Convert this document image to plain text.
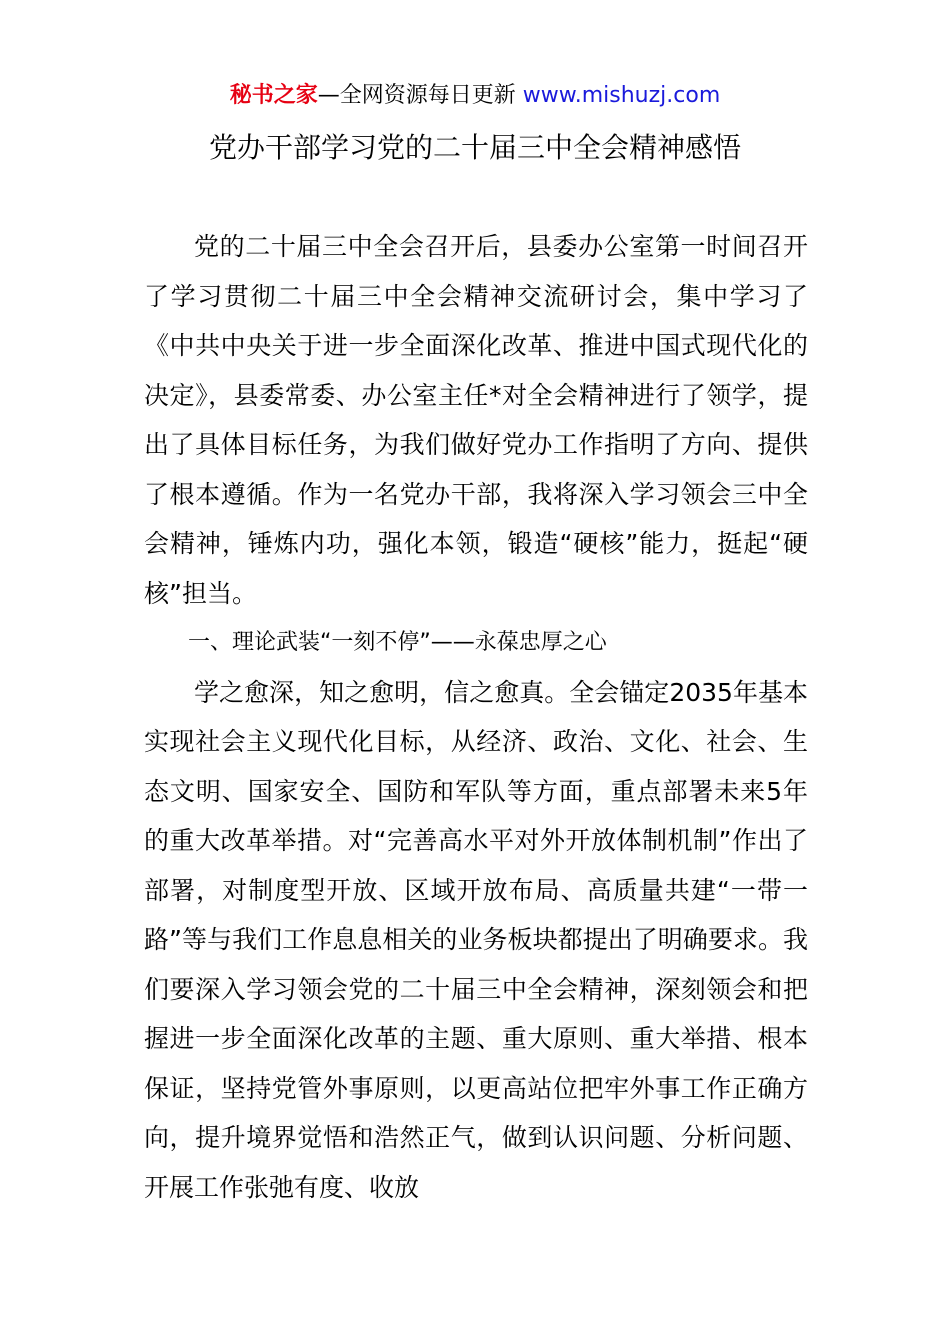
秘书之家—全网资源每日更新 www.mishuzj.com
党办干部学习党的二十届三中全会精神感悟

党的二十届三中全会召开后，县委办公室第一时间召开了学习贯彻二十届三中全会精神交流研讨会，集中学习了《中共中央关于进一步全面深化改革、推进中国式现代化的决定》，县委常委、办公室主任*对全会精神进行了领学，提出了具体目标任务，为我们做好党办工作指明了方向、提供了根本遵循。作为一名党办干部，我将深入学习领会三中全会精神，锤炼内功，强化本领，锻造“硬核”能力，挺起“硬核”担当。

一、理论武装“一刻不停”——永葆忠厚之心

学之愈深，知之愈明，信之愈真。全会锚定2035年基本实现社会主义现代化目标，从经济、政治、文化、社会、生态文明、国家安全、国防和军队等方面，重点部署未来5年的重大改革举措。对“完善高水平对外开放体制机制”作出了部署，对制度型开放、区域开放布局、高质量共建“一带一路”等与我们工作息息相关的业务板块都提出了明确要求。我们要深入学习领会党的二十届三中全会精神，深刻领会和把握进一步全面深化改革的主题、重大原则、重大举措、根本保证，坚持党管外事原则，以更高站位把牢外事工作正确方向，提升境界觉悟和浩然正气，做到认识问题、分析问题、开展工作张弛有度、收放
